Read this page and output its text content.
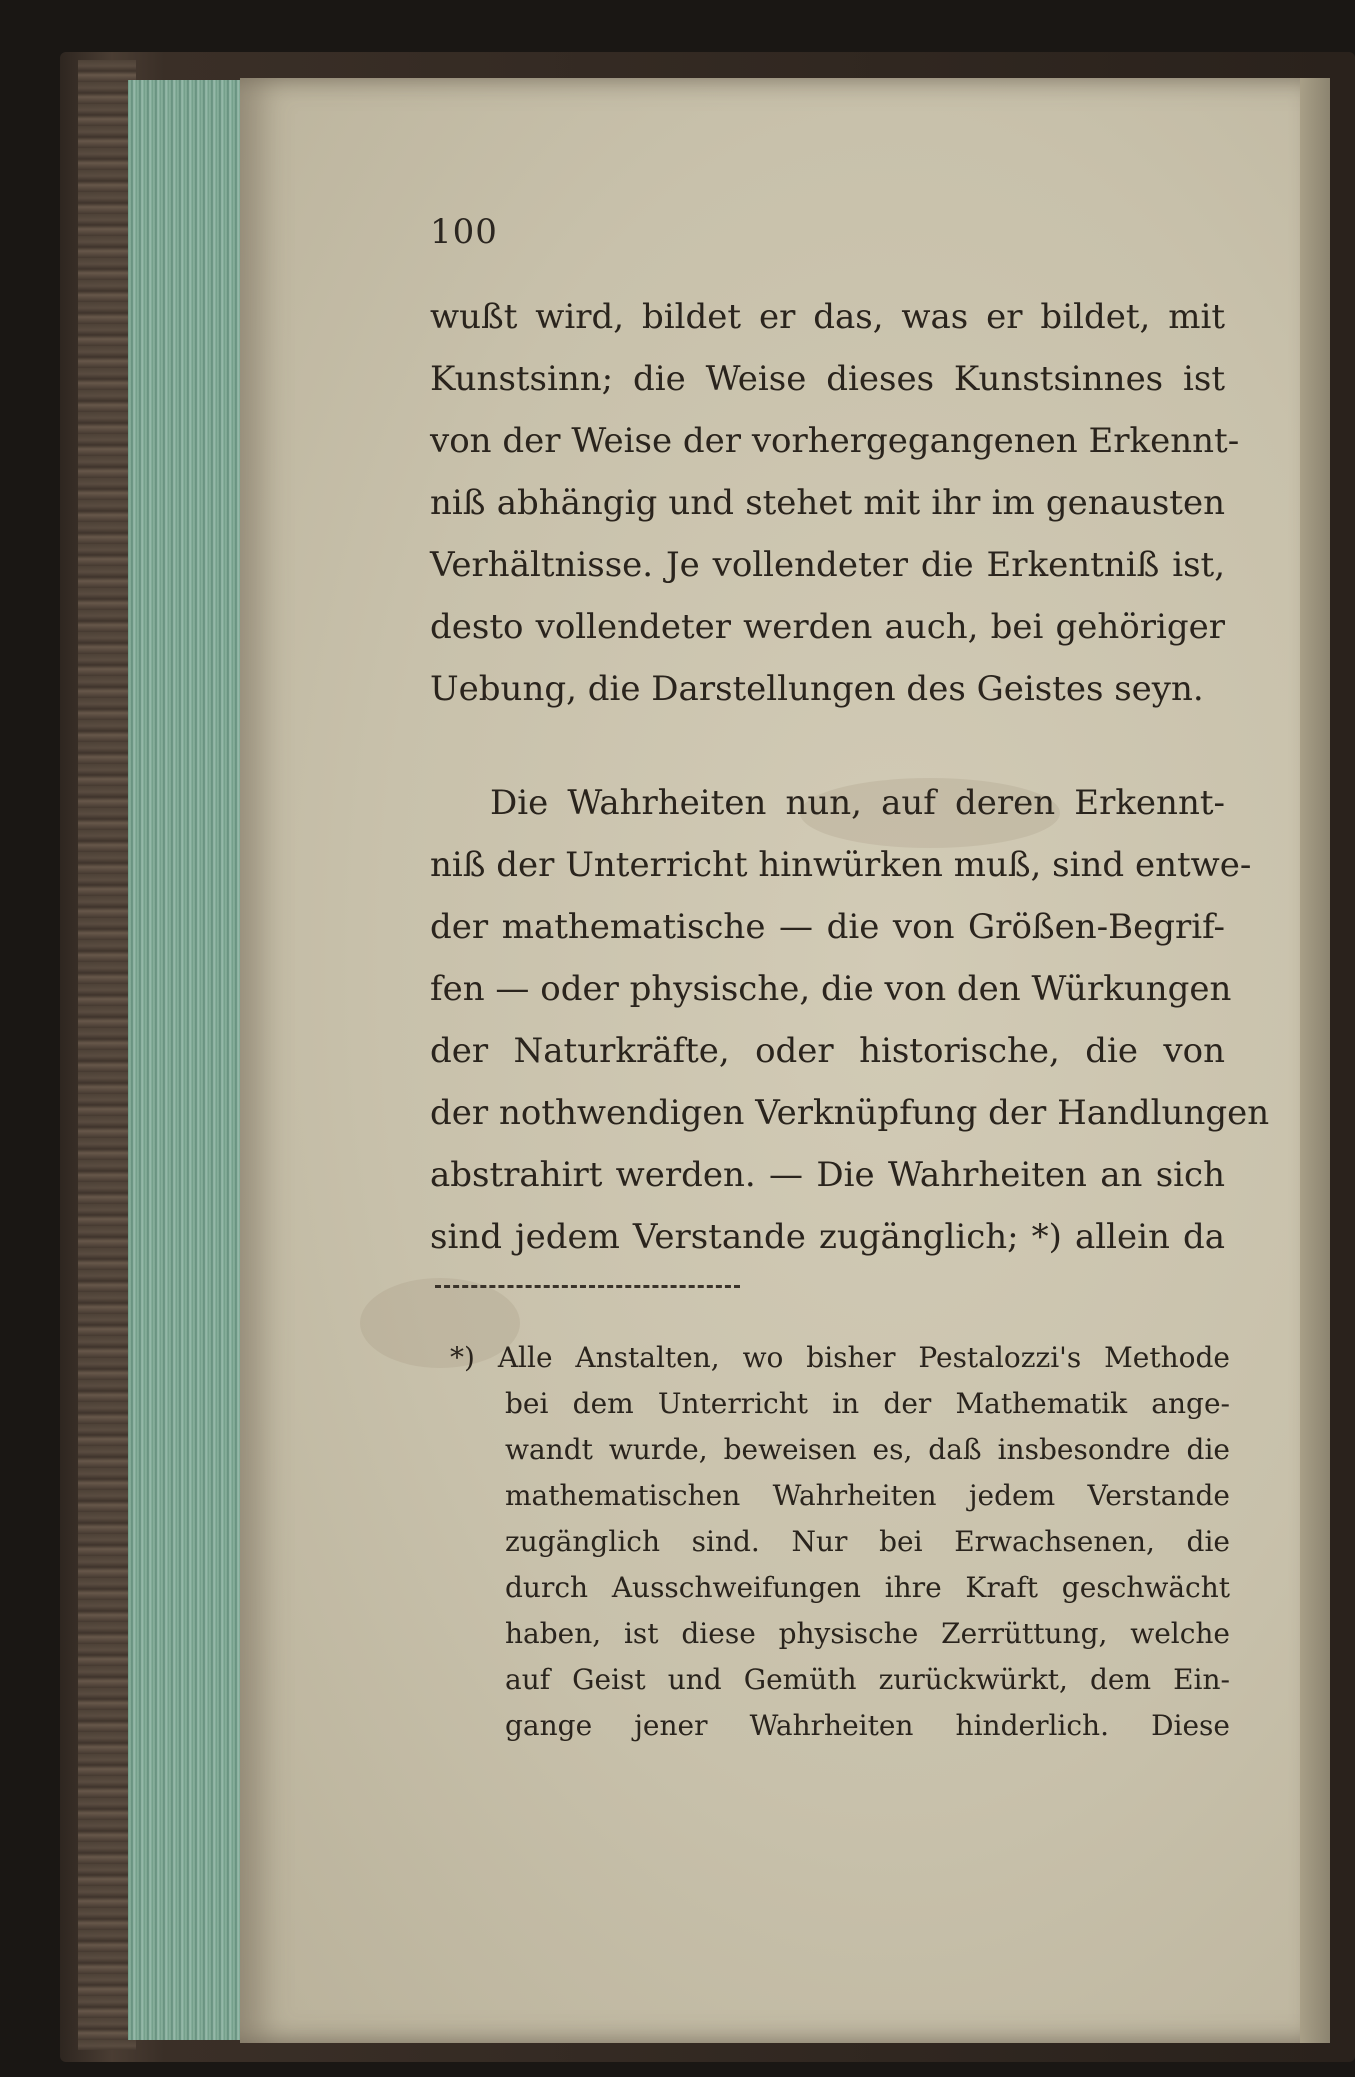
100
wußt wird, bildet er das, was er bildet, mit
Kunstsinn; die Weise dieses Kunstsinnes ist
von der Weise der vorhergegangenen Erkennt-
niß abhängig und stehet mit ihr im genausten
Verhältnisse. Je vollendeter die Erkentniß ist,
desto vollendeter werden auch, bei gehöriger
Uebung, die Darstellungen des Geistes seyn.
Die Wahrheiten nun, auf deren Erkennt-
niß der Unterricht hinwürken muß, sind entwe-
der mathematische — die von Größen-Begrif-
fen — oder physische, die von den Würkungen
der Naturkräfte, oder historische, die von
der nothwendigen Verknüpfung der Handlungen
abstrahirt werden. — Die Wahrheiten an sich
sind jedem Verstande zugänglich; *) allein da
*) Alle Anstalten, wo bisher Pestalozzi's Methode
bei dem Unterricht in der Mathematik ange-
wandt wurde, beweisen es, daß insbesondre die
mathematischen Wahrheiten jedem Verstande
zugänglich sind. Nur bei Erwachsenen, die
durch Ausschweifungen ihre Kraft geschwächt
haben, ist diese physische Zerrüttung, welche
auf Geist und Gemüth zurückwürkt, dem Ein-
gange jener Wahrheiten hinderlich. Diese
